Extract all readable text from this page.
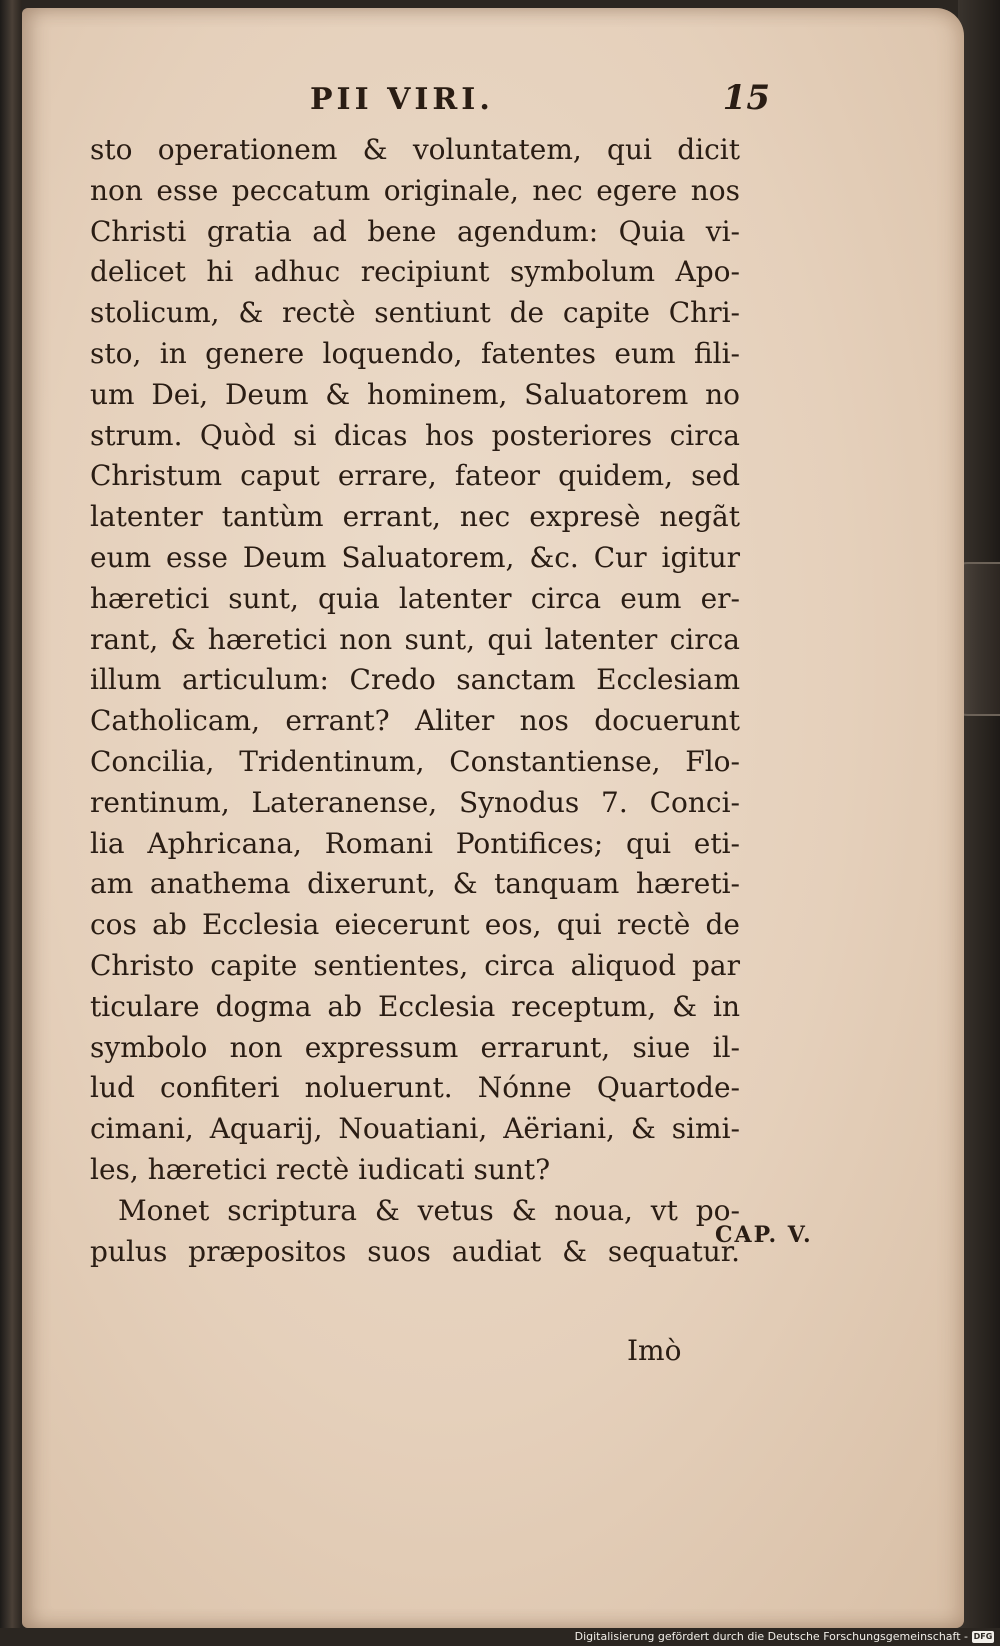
PII VIRI.	15
sto operationem & voluntatem, qui dicit
non esse peccatum originale, nec egere nos
Christi gratia ad bene agendum: Quia vi-
delicet hi adhuc recipiunt symbolum Apo-
stolicum, & rectè sentiunt de capite Chri-
sto, in genere loquendo, fatentes eum fili-
um Dei, Deum & hominem, Saluatorem no
strum. Quòd si dicas hos posteriores circa
Christum caput errare, fateor quidem, sed
latenter tantùm errant, nec expresè negãt
eum esse Deum Saluatorem, &c. Cur igitur
hæretici sunt, quia latenter circa eum er-
rant, & hæretici non sunt, qui latenter circa
illum articulum: Credo sanctam Ecclesiam
Catholicam, errant? Aliter nos docuerunt
Concilia, Tridentinum, Constantiense, Flo-
rentinum, Lateranense, Synodus 7. Conci-
lia Aphricana, Romani Pontifices; qui eti-
am anathema dixerunt, & tanquam hæreti-
cos ab Ecclesia eiecerunt eos, qui rectè de
Christo capite sentientes, circa aliquod par
ticulare dogma ab Ecclesia receptum, & in
symbolo non expressum errarunt, siue il-
lud confiteri noluerunt. Nónne Quartode-
cimani, Aquarij, Nouatiani, Aëriani, & simi-
les, hæretici rectè iudicati sunt?
Monet scriptura & vetus & noua, vt po-
pulus præpositos suos audiat & sequatur.
CAP. V.
Imò
Digitalisierung gefördert durch die Deutsche Forschungsgemeinschaft - DFG
